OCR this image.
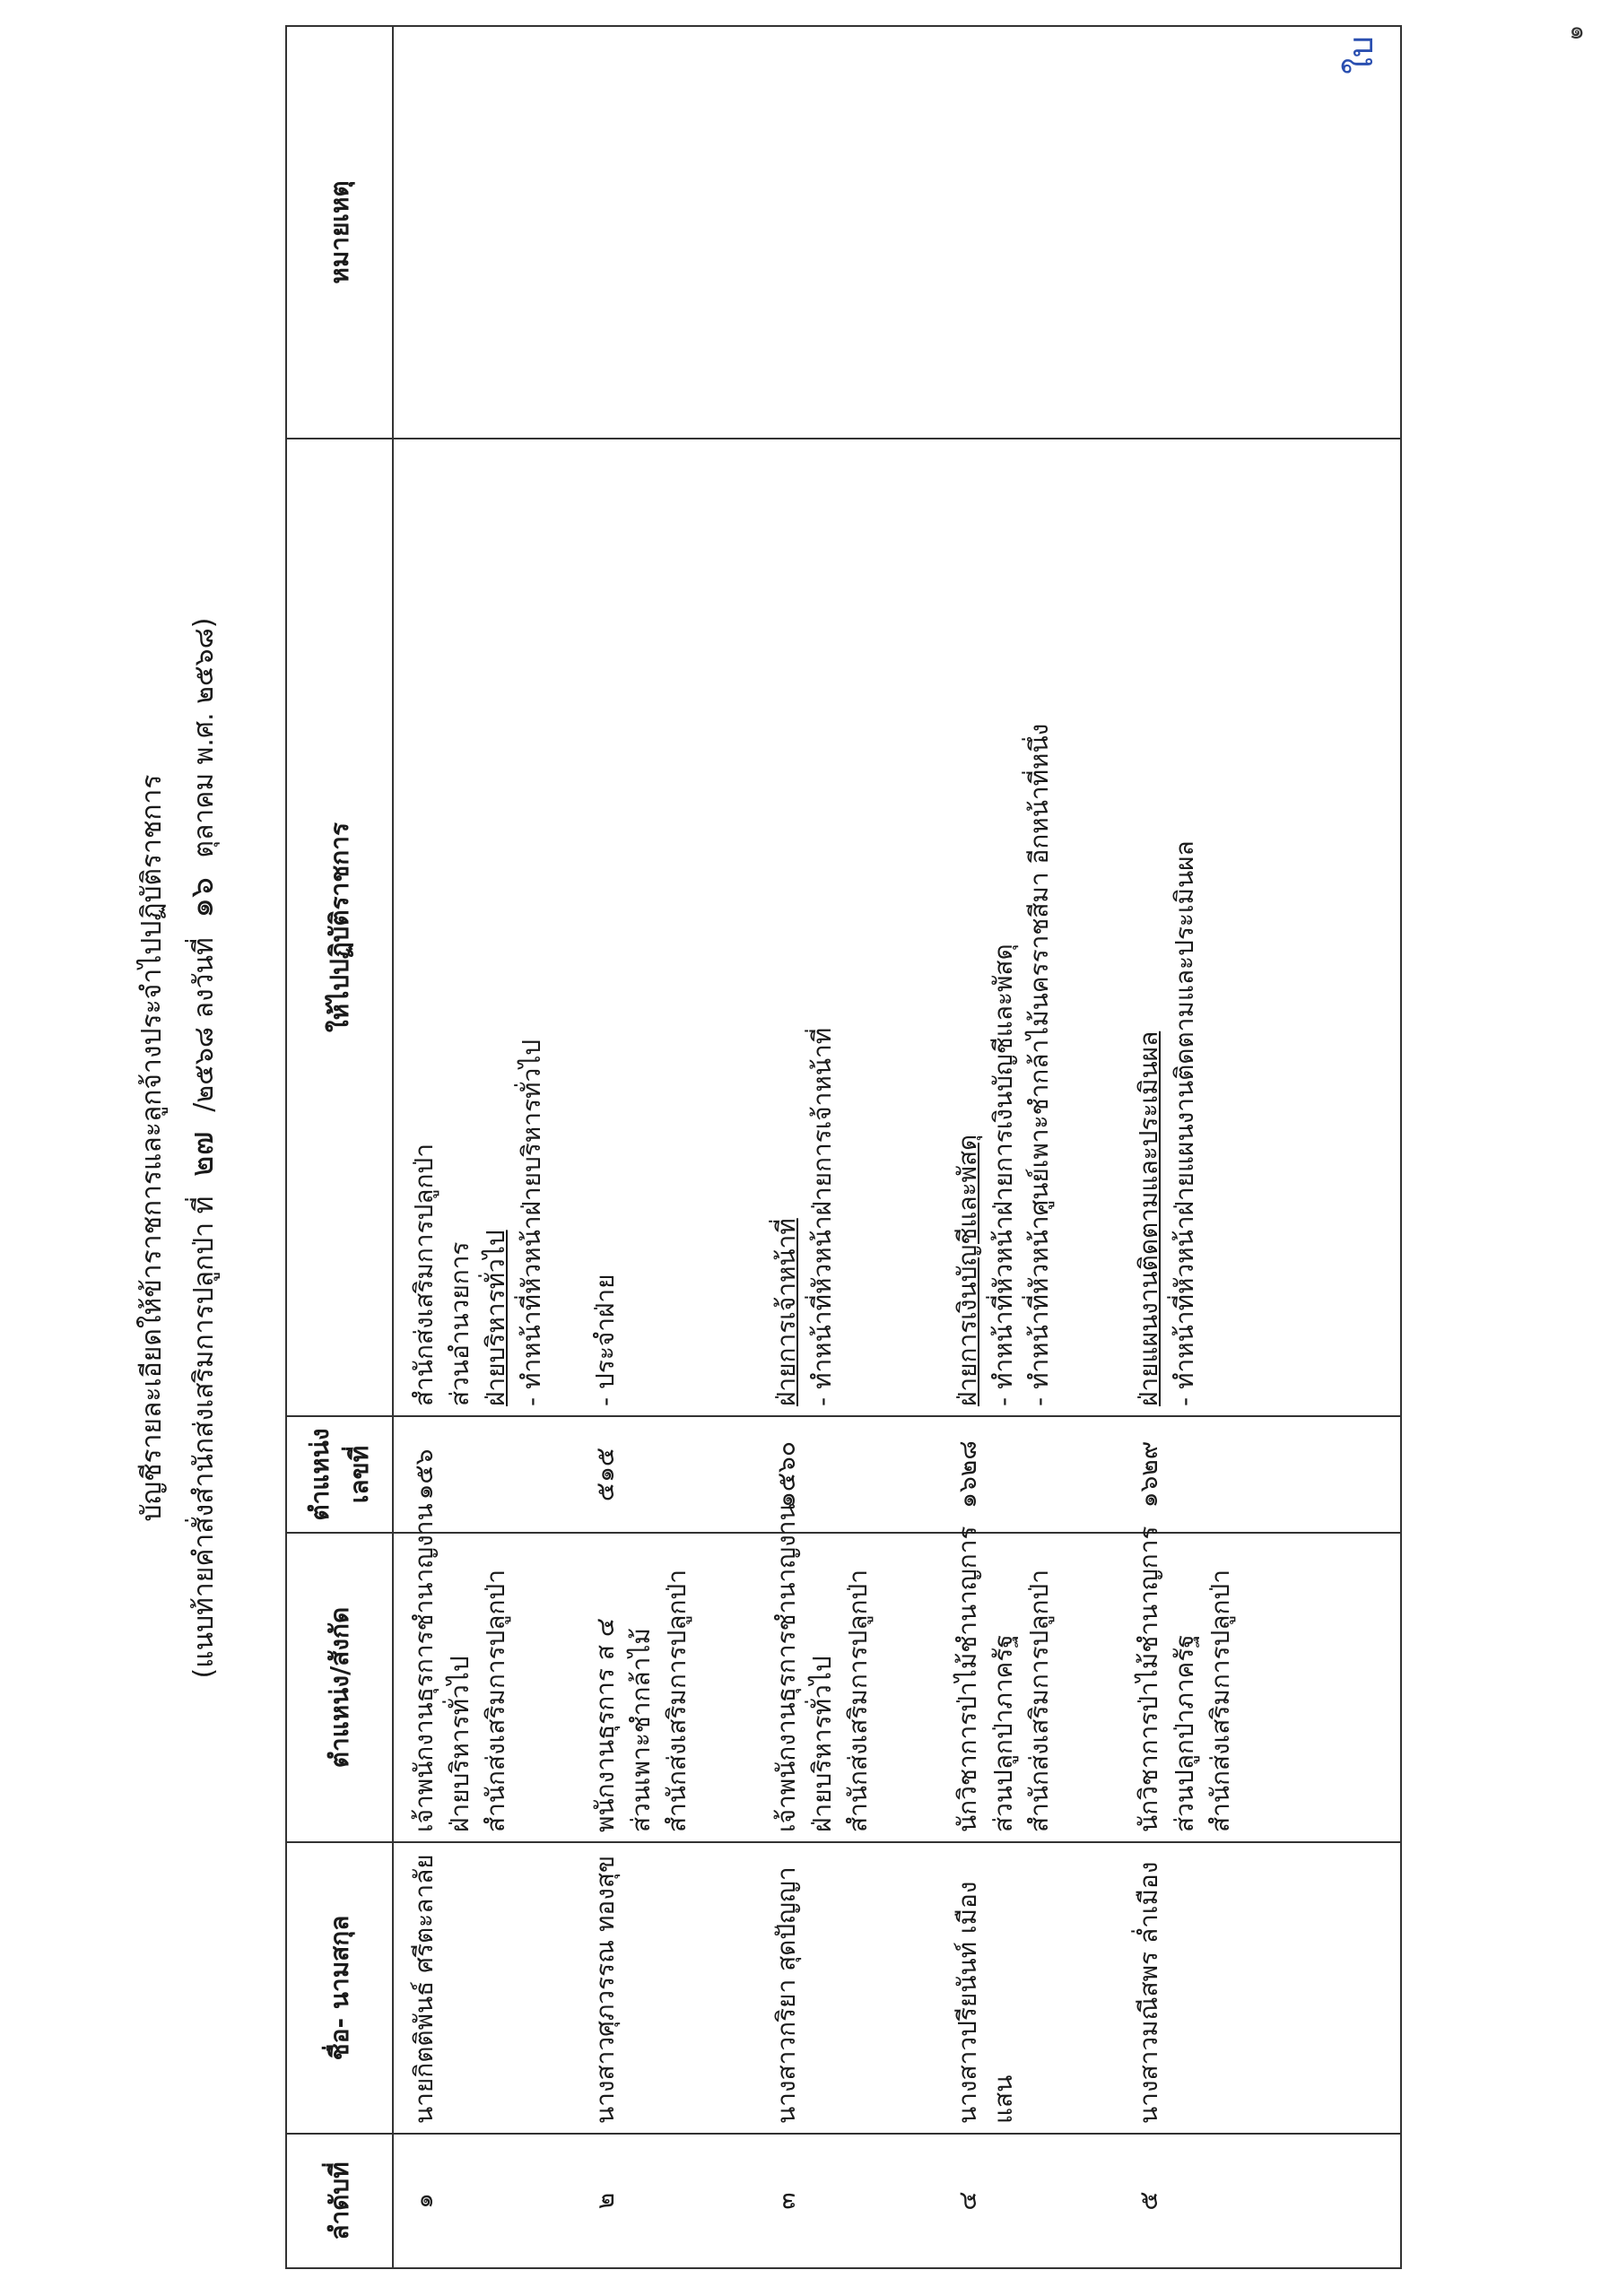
๑
บัญชีรายละเอียดให้ข้าราชการและลูกจ้างประจำไปปฏิบัติราชการ (แนบท้ายคำสั่งสำนักส่งเสริมการปลูกป่า ที่ ๒๗ /๒๕๖๘ ลงวันที่ ๑๖ ตุลาคม พ.ศ. ๒๕๖๘)
ลำดับที่	ชื่อ- นามสกุล	ตำแหน่ง/สังกัด	ตำแหน่ง เลขที่	ให้ไปปฏิบัติราชการ	หมายเหตุ

๑	นายกิตติพันธ์ ศรีตะลาลัย	เจ้าพนักงานธุรการชำนาญงาน ฝ่ายบริหารทั่วไป สำนักส่งเสริมการปลูกป่า	๑๕๖	สำนักส่งเสริมการปลูกป่า ส่วนอำนวยการ ฝ่ายบริหารทั่วไป - ทำหน้าที่หัวหน้าฝ่ายบริหารทั่วไป	

๒	นางสาวศุภวรรณ ทองสุข	พนักงานธุรการ ส ๔ ส่วนเพาะชำกล้าไม้ สำนักส่งเสริมการปลูกป่า	๕๑๕	- ประจำฝ่าย	

๓	นางสาวกริยา สุดปัญญา	เจ้าพนักงานธุรการชำนาญงาน ฝ่ายบริหารทั่วไป สำนักส่งเสริมการปลูกป่า	๑๕๖๐	ฝ่ายการเจ้าหน้าที่ - ทำหน้าที่หัวหน้าฝ่ายการเจ้าหน้าที่	

๔	นางสาวปรียนันท์ เมืองแสน	นักวิชาการป่าไม้ชำนาญการ ส่วนปลูกป่าภาครัฐ สำนักส่งเสริมการปลูกป่า	๑๖๒๘	ฝ่ายการเงินบัญชีและพัสดุ - ทำหน้าที่หัวหน้าฝ่ายการเงินบัญชีและพัสดุ - ทำหน้าที่หัวหน้าศูนย์เพาะชำกล้าไม้นครราชสีมา อีกหน้าที่หนึ่ง	

๕	นางสาวมณีสพร ล่ำเมือง	นักวิชาการป่าไม้ชำนาญการ ส่วนปลูกป่าภาครัฐ สำนักส่งเสริมการปลูกป่า	๑๖๒๙	ฝ่ายแผนงานติดตามและประเมินผล - ทำหน้าที่หัวหน้าฝ่ายแผนงานติดตามและประเมินผล	ใบ
